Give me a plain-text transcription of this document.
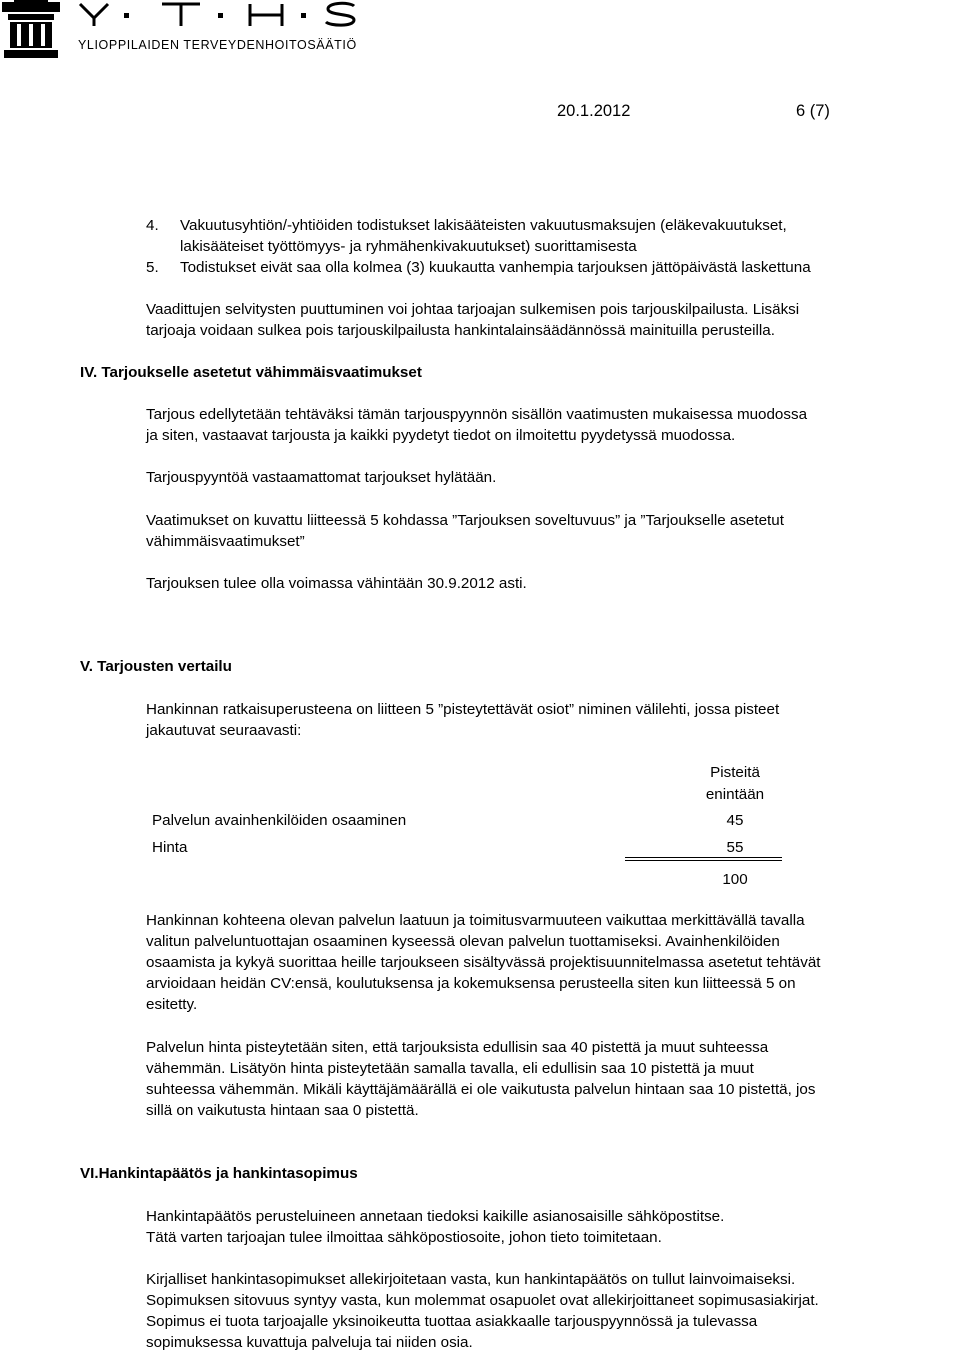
YLIOPPILAIDEN TERVEYDENHOITOSÄÄTIÖ
20.1.2012	6 (7)
4. Vakuutusyhtiön/-yhtiöiden todistukset lakisääteisten vakuutusmaksujen (eläkevakuutukset,
lakisääteiset työttömyys- ja ryhmähenkivakuutukset) suorittamisesta
5. Todistukset eivät saa olla kolmea (3) kuukautta vanhempia tarjouksen jättöpäivästä laskettuna
Vaadittujen selvitysten puuttuminen voi johtaa tarjoajan sulkemisen pois tarjouskilpailusta. Lisäksi
tarjoaja voidaan sulkea pois tarjouskilpailusta hankintalainsäädännössä mainituilla perusteilla.
IV. Tarjoukselle asetetut vähimmäisvaatimukset
Tarjous edellytetään tehtäväksi tämän tarjouspyynnön sisällön vaatimusten mukaisessa muodossa
ja siten, vastaavat tarjousta ja kaikki pyydetyt tiedot on ilmoitettu pyydetyssä muodossa.
Tarjouspyyntöä vastaamattomat tarjoukset hylätään.
Vaatimukset on kuvattu liitteessä 5 kohdassa ”Tarjouksen soveltuvuus” ja ”Tarjoukselle asetetut
vähimmäisvaatimukset”
Tarjouksen tulee olla voimassa vähintään 30.9.2012 asti.
V. Tarjousten vertailu
Hankinnan ratkaisuperusteena on liitteen 5 ”pisteytettävät osiot” niminen välilehti, jossa pisteet
jakautuvat seuraavasti:
Pisteitä
enintään
Palvelun avainhenkilöiden osaaminen	45
Hinta	55
100
Hankinnan kohteena olevan palvelun laatuun ja toimitusvarmuuteen vaikuttaa merkittävällä tavalla
valitun palveluntuottajan osaaminen kyseessä olevan palvelun tuottamiseksi. Avainhenkilöiden
osaamista ja kykyä suorittaa heille tarjoukseen sisältyvässä projektisuunnitelmassa asetetut tehtävät
arvioidaan heidän CV:ensä, koulutuksensa ja kokemuksensa perusteella siten kun liitteessä 5 on
esitetty.
Palvelun hinta pisteytetään siten, että tarjouksista edullisin saa 40 pistettä ja muut suhteessa
vähemmän. Lisätyön hinta pisteytetään samalla tavalla, eli edullisin saa 10 pistettä ja muut
suhteessa vähemmän. Mikäli käyttäjämäärällä ei ole vaikutusta palvelun hintaan saa 10 pistettä, jos
sillä on vaikutusta hintaan saa 0 pistettä.
VI.Hankintapäätös ja hankintasopimus
Hankintapäätös perusteluineen annetaan tiedoksi kaikille asianosaisille sähköpostitse.
Tätä varten tarjoajan tulee ilmoittaa sähköpostiosoite, johon tieto toimitetaan.
Kirjalliset hankintasopimukset allekirjoitetaan vasta, kun hankintapäätös on tullut lainvoimaiseksi.
Sopimuksen sitovuus syntyy vasta, kun molemmat osapuolet ovat allekirjoittaneet sopimusasiakirjat.
Sopimus ei tuota tarjoajalle yksinoikeutta tuottaa asiakkaalle tarjouspyynnössä ja tulevassa
sopimuksessa kuvattuja palveluja tai niiden osia.
